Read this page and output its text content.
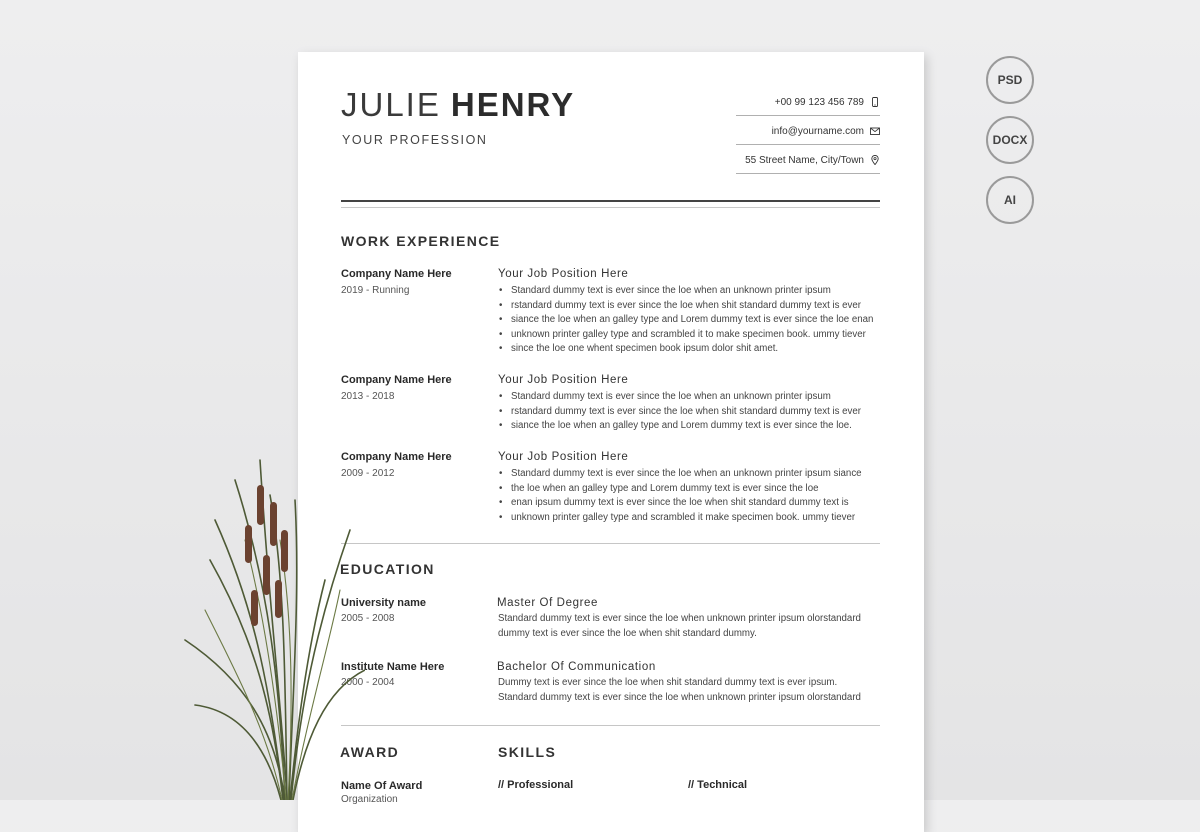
JULIE HENRY
YOUR PROFESSION
+00 99 123 456 789
info@yourname.com
55 Street Name, City/Town
WORK EXPERIENCE
Company Name Here
2019 - Running
Your Job Position Here
• Standard dummy text is ever since the loe when an unknown printer ipsum
• rstandard dummy text is ever since the loe when shit standard dummy text is ever
• siance the loe when an galley type and Lorem dummy text is ever since the loe enan
• unknown printer galley type and scrambled it to make specimen book. ummy tiever
• since the loe one whent specimen book ipsum dolor shit amet.
Company Name Here
2013 - 2018
Your Job Position Here
• Standard dummy text is ever since the loe when an unknown printer ipsum
• rstandard dummy text is ever since the loe when shit standard dummy text is ever
• siance the loe when an galley type and Lorem dummy text is ever since the loe.
Company Name Here
2009 - 2012
Your Job Position Here
• Standard dummy text is ever since the loe when an unknown printer ipsum siance
• the loe when an galley type and Lorem dummy text is ever since the loe
• enan ipsum dummy text is ever since the loe when shit standard dummy text is
• unknown printer galley type and scrambled it make specimen book. ummy tiever
EDUCATION
University name
2005 - 2008
Master Of Degree

Standard dummy text is ever since the loe when unknown printer ipsum olorstandard
dummy text is ever since the loe when shit standard dummy.

Institute Name Here
2000 - 2004
Bachelor Of Communication

Dummy text is ever since the loe when shit standard dummy text is ever ipsum.
Standard dummy text is ever since the loe when unknown printer ipsum olorstandard

AWARD	SKILLS
Name Of Award
Organization
// Professional	// Technical
PSD
DOCX
AI
